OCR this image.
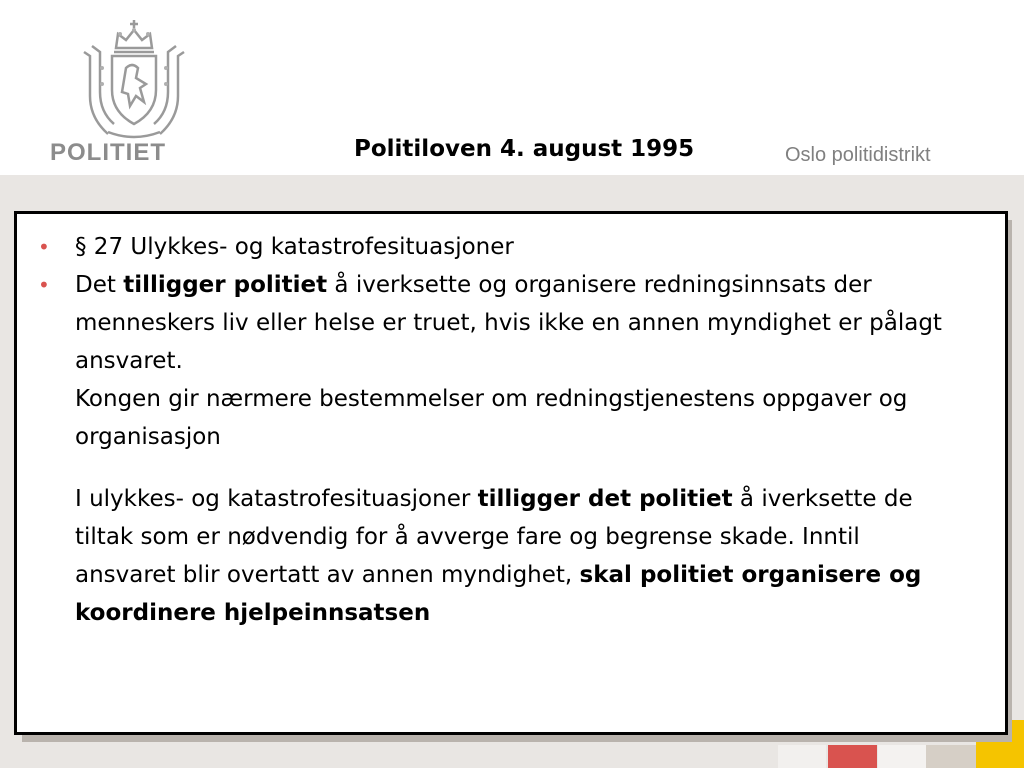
POLITIET	Politiloven 4. august 1995	Oslo politidistrikt
• § 27 Ulykkes- og katastrofesituasjoner
• Det tilligger politiet å iverksette og organisere redningsinnsats der menneskers liv eller helse er truet, hvis ikke en annen myndighet er pålagt ansvaret.
Kongen gir nærmere bestemmelser om redningstjenestens oppgaver og organisasjon
I ulykkes- og katastrofesituasjoner tilligger det politiet å iverksette de tiltak som er nødvendig for å avverge fare og begrense skade. Inntil ansvaret blir overtatt av annen myndighet, skal politiet organisere og koordinere hjelpeinnsatsen
